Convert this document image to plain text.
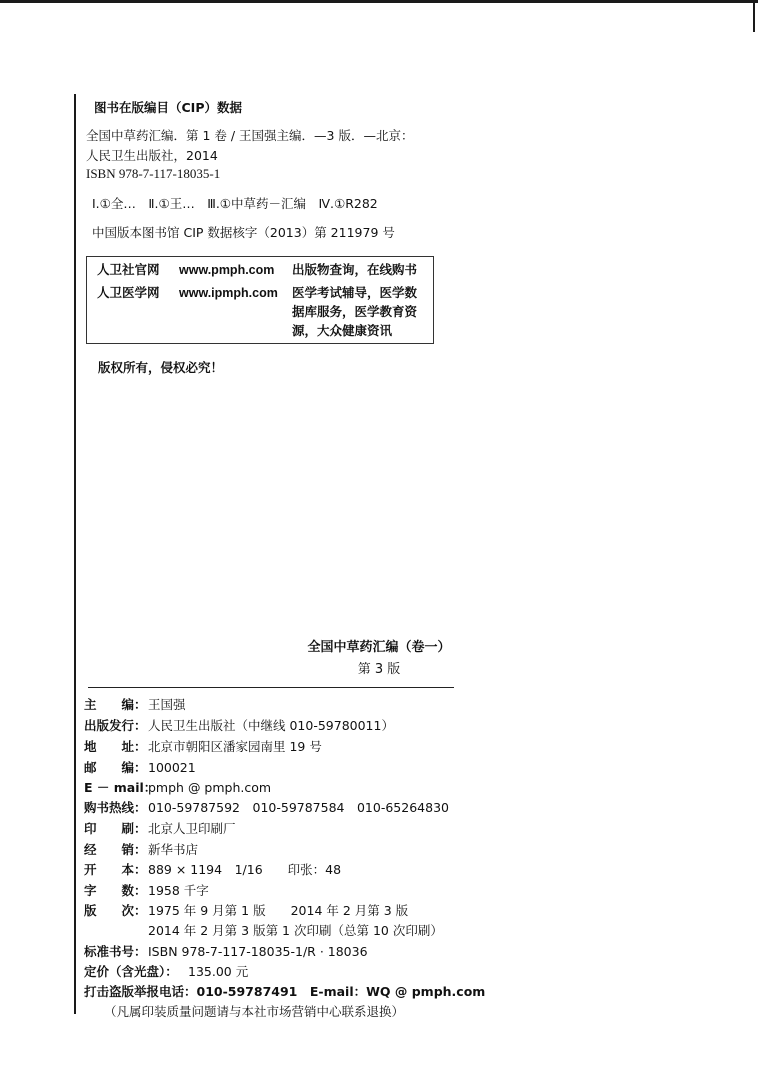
图书在版编目（CIP）数据
全国中草药汇编．第 1 卷 / 王国强主编．—3 版．—北京：
人民卫生出版社，2014
ISBN 978-7-117-18035-1
Ⅰ.①全…　Ⅱ.①王…　Ⅲ.①中草药－汇编　Ⅳ.①R282
中国版本图书馆 CIP 数据核字（2013）第 211979 号
人卫社官网 www.pmph.com
人卫医学网 www.ipmph.com
出版物查询，在线购书
医学考试辅导，医学数
据库服务，医学教育资
源，大众健康资讯
版权所有，侵权必究！
全国中草药汇编（卷一）
第 3 版
主　　编： 王国强
出版发行： 人民卫生出版社（中继线 010-59780011）
地　　址： 北京市朝阳区潘家园南里 19 号
邮　　编： 100021
E － mail：
pmph @ pmph.com
购书热线： 010-59787592　010-59787584　010-65264830
印　　刷： 北京人卫印刷厂
经　　销： 新华书店
开　　本： 889 × 1194　1/16　　印张：48
字　　数： 1958 千字
版　　次： 1975 年 9 月第 1 版　　2014 年 2 月第 3 版
2014 年 2 月第 3 版第 1 次印刷（总第 10 次印刷）
标准书号： ISBN 978-7-117-18035-1/R · 18036
定价（含光盘）： 135.00 元
打击盗版举报电话：010-59787491　E-mail：WQ @ pmph.com
（凡属印装质量问题请与本社市场营销中心联系退换）
